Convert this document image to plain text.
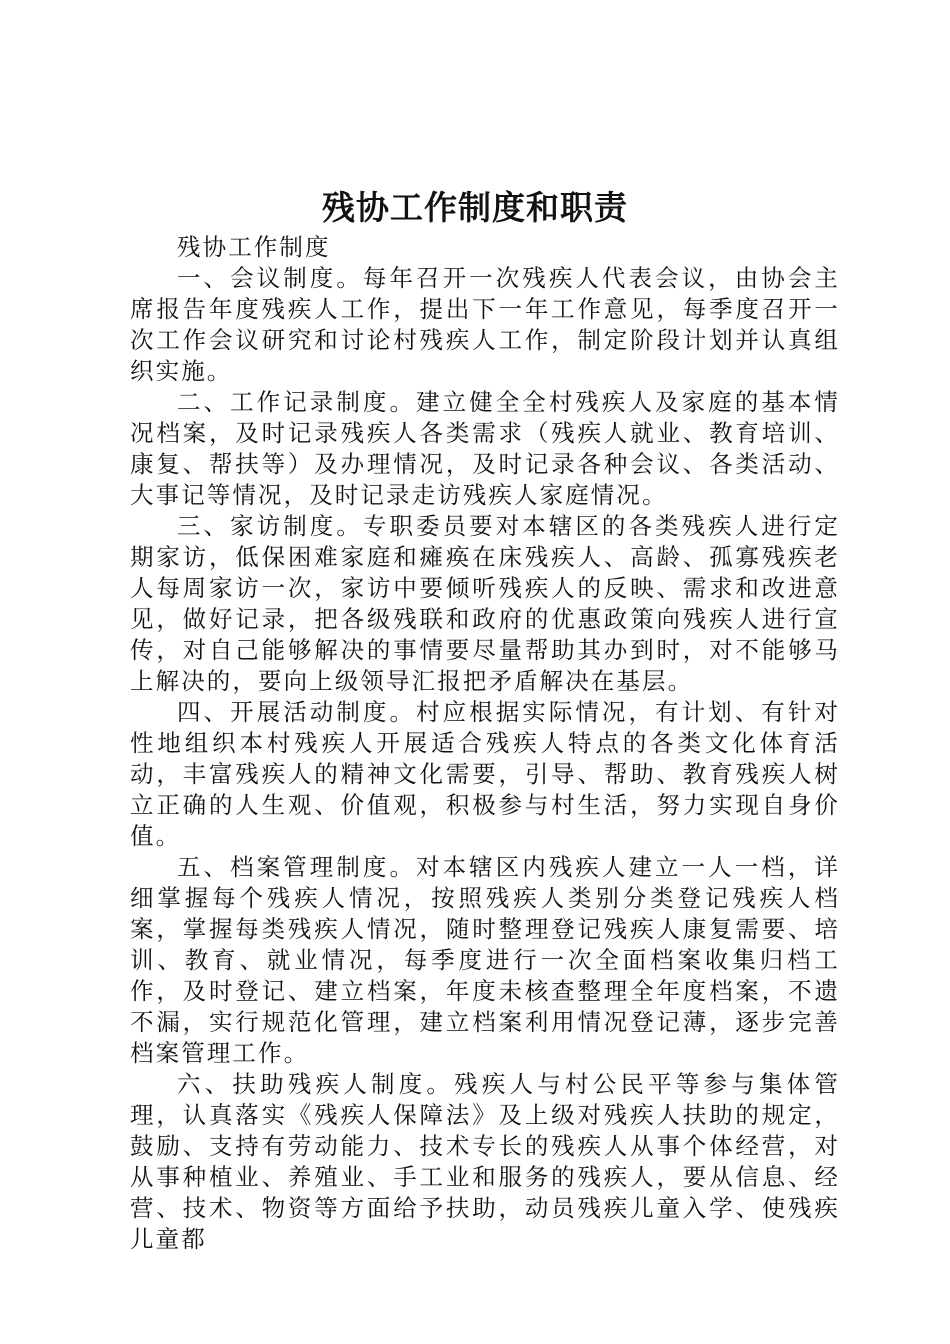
残协工作制度和职责

残协工作制度

一、会议制度。每年召开一次残疾人代表会议，由协会主席报告年度残疾人工作，提出下一年工作意见，每季度召开一次工作会议研究和讨论村残疾人工作，制定阶段计划并认真组织实施。

二、工作记录制度。建立健全全村残疾人及家庭的基本情况档案，及时记录残疾人各类需求（残疾人就业、教育培训、康复、帮扶等）及办理情况，及时记录各种会议、各类活动、大事记等情况，及时记录走访残疾人家庭情况。

三、家访制度。专职委员要对本辖区的各类残疾人进行定期家访，低保困难家庭和瘫痪在床残疾人、高龄、孤寡残疾老人每周家访一次，家访中要倾听残疾人的反映、需求和改进意见，做好记录，把各级残联和政府的优惠政策向残疾人进行宣传，对自己能够解决的事情要尽量帮助其办到时，对不能够马上解决的，要向上级领导汇报把矛盾解决在基层。

四、开展活动制度。村应根据实际情况，有计划、有针对性地组织本村残疾人开展适合残疾人特点的各类文化体育活动，丰富残疾人的精神文化需要，引导、帮助、教育残疾人树立正确的人生观、价值观，积极参与村生活，努力实现自身价值。

五、档案管理制度。对本辖区内残疾人建立一人一档，详细掌握每个残疾人情况，按照残疾人类别分类登记残疾人档案，掌握每类残疾人情况，随时整理登记残疾人康复需要、培训、教育、就业情况，每季度进行一次全面档案收集归档工作，及时登记、建立档案，年度未核查整理全年度档案，不遗不漏，实行规范化管理，建立档案利用情况登记薄，逐步完善档案管理工作。

六、扶助残疾人制度。残疾人与村公民平等参与集体管理，认真落实《残疾人保障法》及上级对残疾人扶助的规定，鼓励、支持有劳动能力、技术专长的残疾人从事个体经营，对从事种植业、养殖业、手工业和服务的残疾人，要从信息、经营、技术、物资等方面给予扶助，动员残疾儿童入学、使残疾儿童都
